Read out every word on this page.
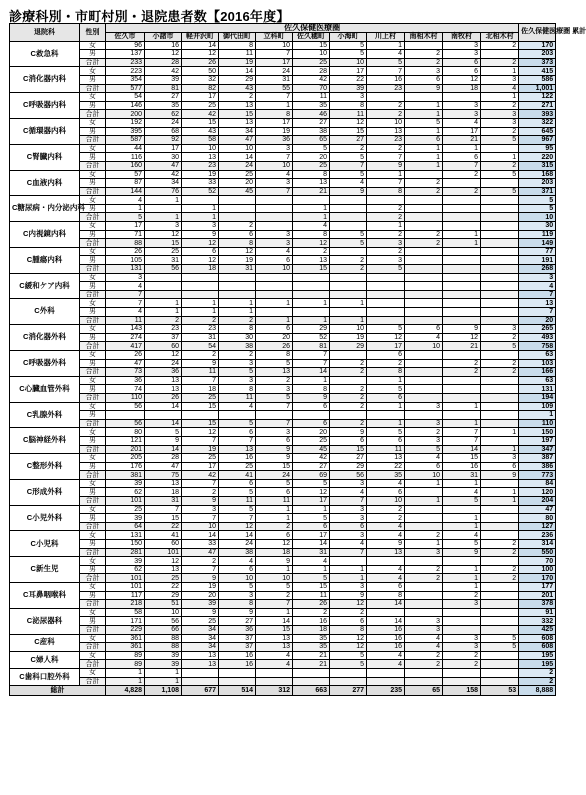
診療科別・市町村別・退院患者数【2016年度】
退院科	性別	佐久保健医療圏											佐久保健医療圏 累計
		佐久市	小諸市	軽井沢町	御代田町	立科町	佐久穂町	小海町	川上村	南相木村	南牧村	北相木村	
C救急科	女	96	16	14	8	10	15	5	1		3	2	170
	男	137	12	12	11	7	10	5	4	2	3		203
	合計	233	28	26	19	17	25	10	5	2	6	2	373
C消化器内科	女	223	42	50	14	24	28	17	7	3	6	1	415
	男	354	39	32	29	31	42	22	16	6	12	3	586
	合計	577	81	82	43	55	70	39	23	9	18	4	1,001
C呼吸器内科	女	54	27	17	2	7	11	3				1	122
	男	146	35	25	13	1	35	8	2	1	3	2	271
	合計	200	62	42	15	8	46	11	2	1	3	3	393
C循環器内科	女	192	24	15	13	17	27	12	10	5	4	3	322
	男	395	68	43	34	19	38	15	13	1	17	2	645
	合計	587	92	58	47	36	65	27	23	6	21	5	967
C腎臓内科	女	44	17	10	10	3	5	2	2	1	1		95
	男	116	30	13	14	7	20	5	7	1	6	1	220
	合計	160	47	23	24	10	25	7	9	1	7	2	315
C血液内科	女	57	42	19	25	4	8	5	1		2	5	168
	男	87	34	33	20	3	13	4	7	2			203
	合計	144	76	52	45	7	21	9	8	2	2	5	371
C糖尿病・内分泌内科	女	4	1										5
	男	1		1			1		2				5
	合計	5	1	1			1		2				10
C内視鏡内科	女	17	3	3	2		4		1				30
	男	71	12	9	6	3	8	5	2	2	1		119
	合計	88	15	12	8	3	12	5	3	2	1		149
C腫瘍内科	女	26	25	6	12	4	2		2				77
	男	105	31	12	19	6	13	2	3				191
	合計	131	56	18	31	10	15	2	5				268
C緩和ケア内科	女	3											3
	男	4											4
	合計	7											7
C外科	女	7	1	1	1	1	1	1					13
	男	4	1	1	1								7
	合計	11	2	2	2	1	1	1					20
C消化器外科	女	143	23	23	8	6	29	10	5	6	9	3	265
	男	274	37	31	30	20	52	19	12	4	12	2	493
	合計	417	60	54	38	26	81	29	17	10	21	5	758
C呼吸器外科	女	26	12	2	2	8	7		6				63
	男	47	24	9	3	5	7	2	2		2	2	103
	合計	73	36	11	5	13	14	2	8		2	2	166
C心臓血管外科	女	36	13	7	3	2	1		1				63
	男	74	13	18	8	3	8	2	5				131
	合計	110	26	25	11	5	9	2	6				194
C乳腺外科	女	56	14	15	4	7	6	2	1	3	1		109
	男												1
	合計	56	14	15	5	7	6	2	1	3	1		110
C脳神経外科	女	80	5	12	6	3	20	9	5	2	7	1	150
	男	121	9	7	7	6	25	6	6	3	7		197
	合計	201	14	19	13	9	45	15	11	5	14	1	347
C整形外科	女	205	28	25	16	9	42	27	13	4	15	3	387
	男	176	47	17	25	15	27	29	22	6	16	6	386
	合計	381	75	42	41	24	69	56	35	10	31	9	773
C形成外科	女	39	13	7	6	5	5	3	4	1	1		84
	男	62	18	2	5	6	12	4	6		4	1	120
	合計	101	31	9	11	11	17	7	10	1	5	1	204
C小児外科	女	25	7	3	5	1	1	3	2				47
	男	39	15	7	7	1	5	3	2		1		80
	合計	64	22	10	12	2	6	6	4		1		127
C小児科	女	131	41	14	14	6	17	3	4	2	4		236
	男	150	60	33	24	12	14	4	9	1	5	2	314
	合計	281	101	47	38	18	31	7	13	3	9	2	550
C新生児	女	39	12	2	4	9	4						70
	男	62	13	7	6	1	1	1	4	2	1	2	100
	合計	101	25	9	10	10	5	1	4	2	1	2	170
C耳鼻咽喉科	女	101	22	19	5	5	15	3	6		1		177
	男	117	29	20	3	2	11	9	8		2		201
	合計	218	51	39	8	7	26	12	14		3		378
C泌尿器科	女	58	10	9	9	1	2	2					91
	男	171	56	25	27	14	16	6	14	3			332
	合計	229	66	34	36	15	18	8	16	3			425
C産科	女	361	88	34	37	13	35	12	16	4	3	5	608
	合計	361	88	34	37	13	35	12	16	4	3	5	608
C婦人科	女	89	39	13	16	4	21	5	4	2	2		195
	合計	89	39	13	16	4	21	5	4	2	2		195
C歯科口腔外科	女	1	1										2
	合計	1	1										2
総計		4,828	1,108	677	514	312	663	277	235	65	158	53	8,888
